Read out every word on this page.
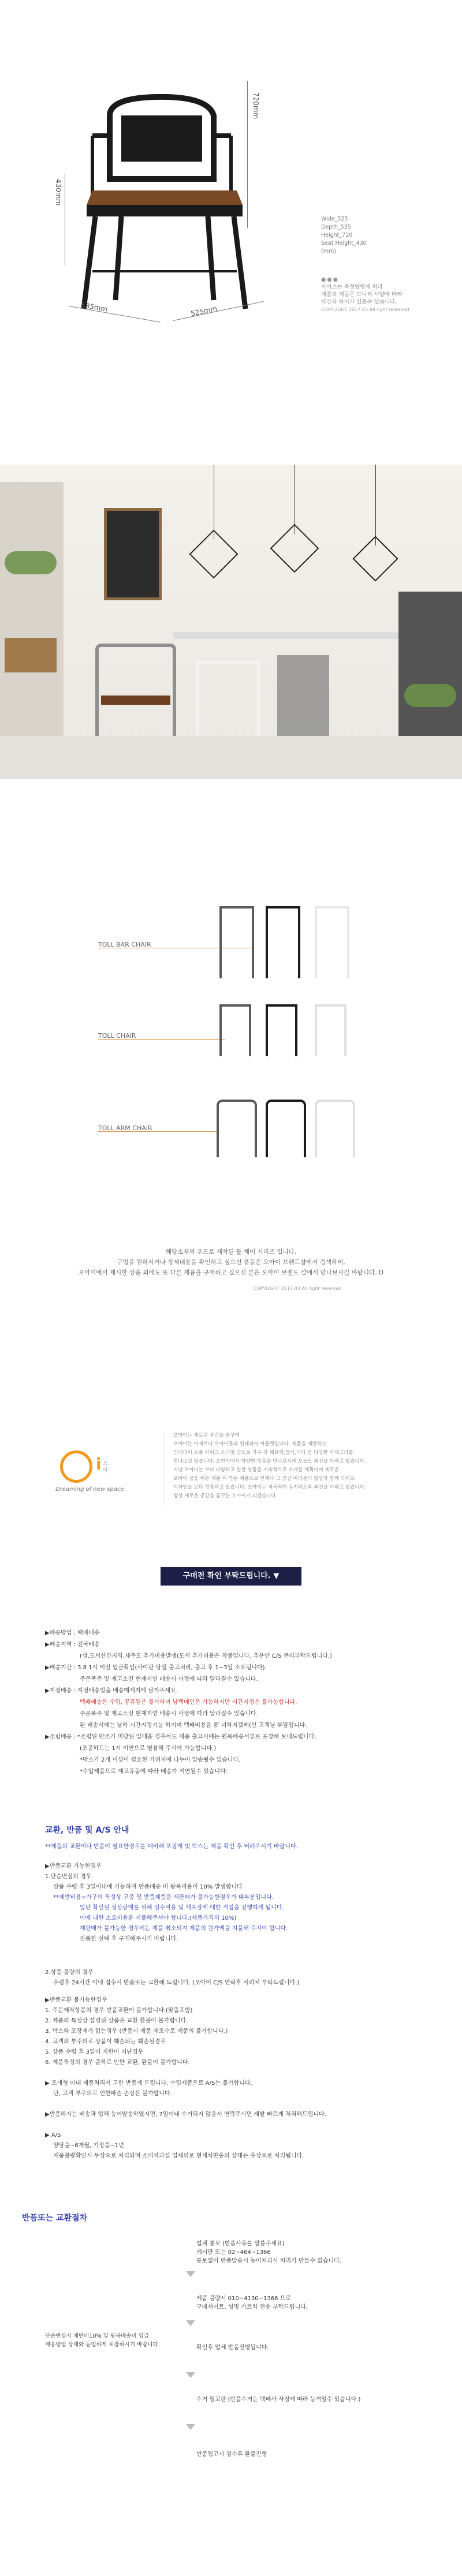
720mm
430mm
535mm	525mm
Wide_525
Depth_535
Height_720
Seat Height_430
(mm)
●●●
사이즈는 측정방법에 따라
제품의 제공은 모니터 사양에 따라
약간의 차이가 있을수 있습니다.
COPYLIGHT 2017.03 All right reserved
TOLL BAR CHAIR
TOLL CHAIR
TOLL ARM CHAIR
해당소재의 우드로 제작된 툴 체어 시리즈 입니다.
구입을 원하시거나 상세내용을 확인하고 싶으신 품들은 오아이 브랜드샵에서 검색하여,
오아이에서 제시한 상품 외에도 또 다른 제품을 구매하고 싶으신 분은 오아이 브랜드 샵에서 만나보시길 바랍니다.:D
COPYLIGHT 2017.03 All right reserved
i 오.아
Dreaming of new space
오아이는 새로운 공간을 꿈꾸며
오아이는 어제보다 오아이들과 인테리어 아울렛입니다. 제품을 제안하는
인테리어 소품 마이크 스타일 감도로 가구 와 패브릭,방식,기타 등 다양한 카테고리를
만나보실 있습니다. 오아이에서 다양한 상품을 만나보시에 오늘도 최선을 다하고 있습니다.
지난 오아이는 보다 다양하고 알찬 상품을 지속적으로 소개할 계획이며 새로운
오아이 꿈을 이룬 제품 이 만든 제품으로 언제나 그 공간 여러분의 일상과 함께 라이프
디자인을 보다 성장하고 있습니다. 오아이는 적극적이 유지하도록 최선을 다하고 있습니다.
항상 새로운 공간을 꿈꾸는 오아이가 되겠습니다.
구매전 확인 부탁드립니다. ▼
▶배송방법 : 택배배송
▶배송지역 : 전국배송
(섬,도서산간지역,제주도 추가비용발생(도서 추가비용은 착불입니다. 추운안 C/S 문의부탁드립니다.)
▶배송기간 : 3.8 1시 이전 입금확인(사이판 당일 출고처리, 출고 후 1~3일 소요됩니다).
주문폭주 및 재고소진 현재지연 배송시 사정에 따라 달라질수 있습니다.
▶지정배송 : 지정배송일을 배송메세지에 남겨주세요.
택배배송은 수입, 공휴일은 물가하며 남택메인은 가능하지만 시간지정은 불가능합니다.
주문폭주 및 재고소진 현재지연 배송시 사정에 따라 달라질수 있습니다.
된 배송서에는 남하 시간지정기능 하지며 택배비용을 新 너하지겠케(인 고객님 부담입니다.
▶조립배송 : *조립된 반조기 미담된 일대을 경우처도 제품 출고시에는 원목배송서류로 포장해 보내드립니다.
(조공하드는 1시 이연으로 별첨해 주셔야 가능합니다.)
*박스가 2개 이상이 필요한 가려지에 나누어 발송될수 있습니다.
*수입제품으로 재고유동에 따라 배송가 지연될수 있습니다.
교환, 반품 및 A/S 안내
**제품의 교환이나 반품이 필요한경우를 대비해 포장재 및 박스는 제품 확인 후 버려주시기 바랍니다.
▶반품교환 가능한경우
1.단순변심의 경우
상품 수령 후 3일이내에 가능하며 반품배송 비 왕복비용이 10% 발생합니다
**제반비용=가구의 특성상 고중 및 반품제품을 재판매가 불가능한경우가 대부분입니다.
일단 확인된 정상판매를 위해 검수비용 및 재포장에 대한 직접을 진행하게 됩니다.
이에 대한 소요비용을 지불해주셔야 합니다.(제품가격의 10%)
재판매가 불가능한 경우에는 제품 취소되지 제품의 원가액을 지불해 주셔야 합니다.
진품한 선택 후 구매해주시기 바랍니다.
2.상품 불량의 경우
수령후 24시간 이내 접수시 반품또는 교환해 드립니다. (오아이 C/S 연락후 처리처 부탁드립니다.)
▶반품교환 불가능한경우
1. 주문제작상품의 경우 반품교환이 불가합니다.(맞춤포함)
2. 제품의 특성상 설명된 상품은 교환 환불이 불가합니다.
3. 박스와 포장재가 없는경우 (반품시 제품 재조수로 제품의 불가합니다.)
4. 고객의 부주의로 상품이 훼손되는 훼손된경우
5. 상품 수령 후 3일이 지한이 지난경우
6. 제품특성의 경우 출하로 인한 교환, 환불이 불가합니다.
▶ 조개형 미내 제품처리서 고한 반품계 드립니다. 수입제품으로 A/S는 불가합니다.
단, 고객 부주의로 인한파손 손상은 불가합니다.
▶반품하시는 배송과 업체 능어발송하였시면, 7일이내 수거되지 않을시 연락주시면 재발 빠르게 처리해드립니다.
▶ A/S
양당을~6개월, 기정품~1년
제품불량확인시 무상으로 처리되며 소비자과실 업체의로 현재처반응의 상태는 유상으로 처리됩니다.
반품또는 교환절차
단순변심시 재반비10% 및 왕복배송비 입금
배송방업 상대와 등업하게 포장하시기 바랍니다.
업체 통보 (반품사유를 말씀주세요)
게시판 또는 02~464~1366
통보없이 반품발송시 능어처리시 처리가 만들수 없습니다.
제품 불량시 010~4130~1366 으로
구매서이트, 성명 가르치 전송 부탁드립니다.
확인후 업체 반품진행됩니다.
수거 일고판 (반품수거는 택배사 사정에 따라 능거일수 있습니다.)
반품입고시 검수후 환불진행
